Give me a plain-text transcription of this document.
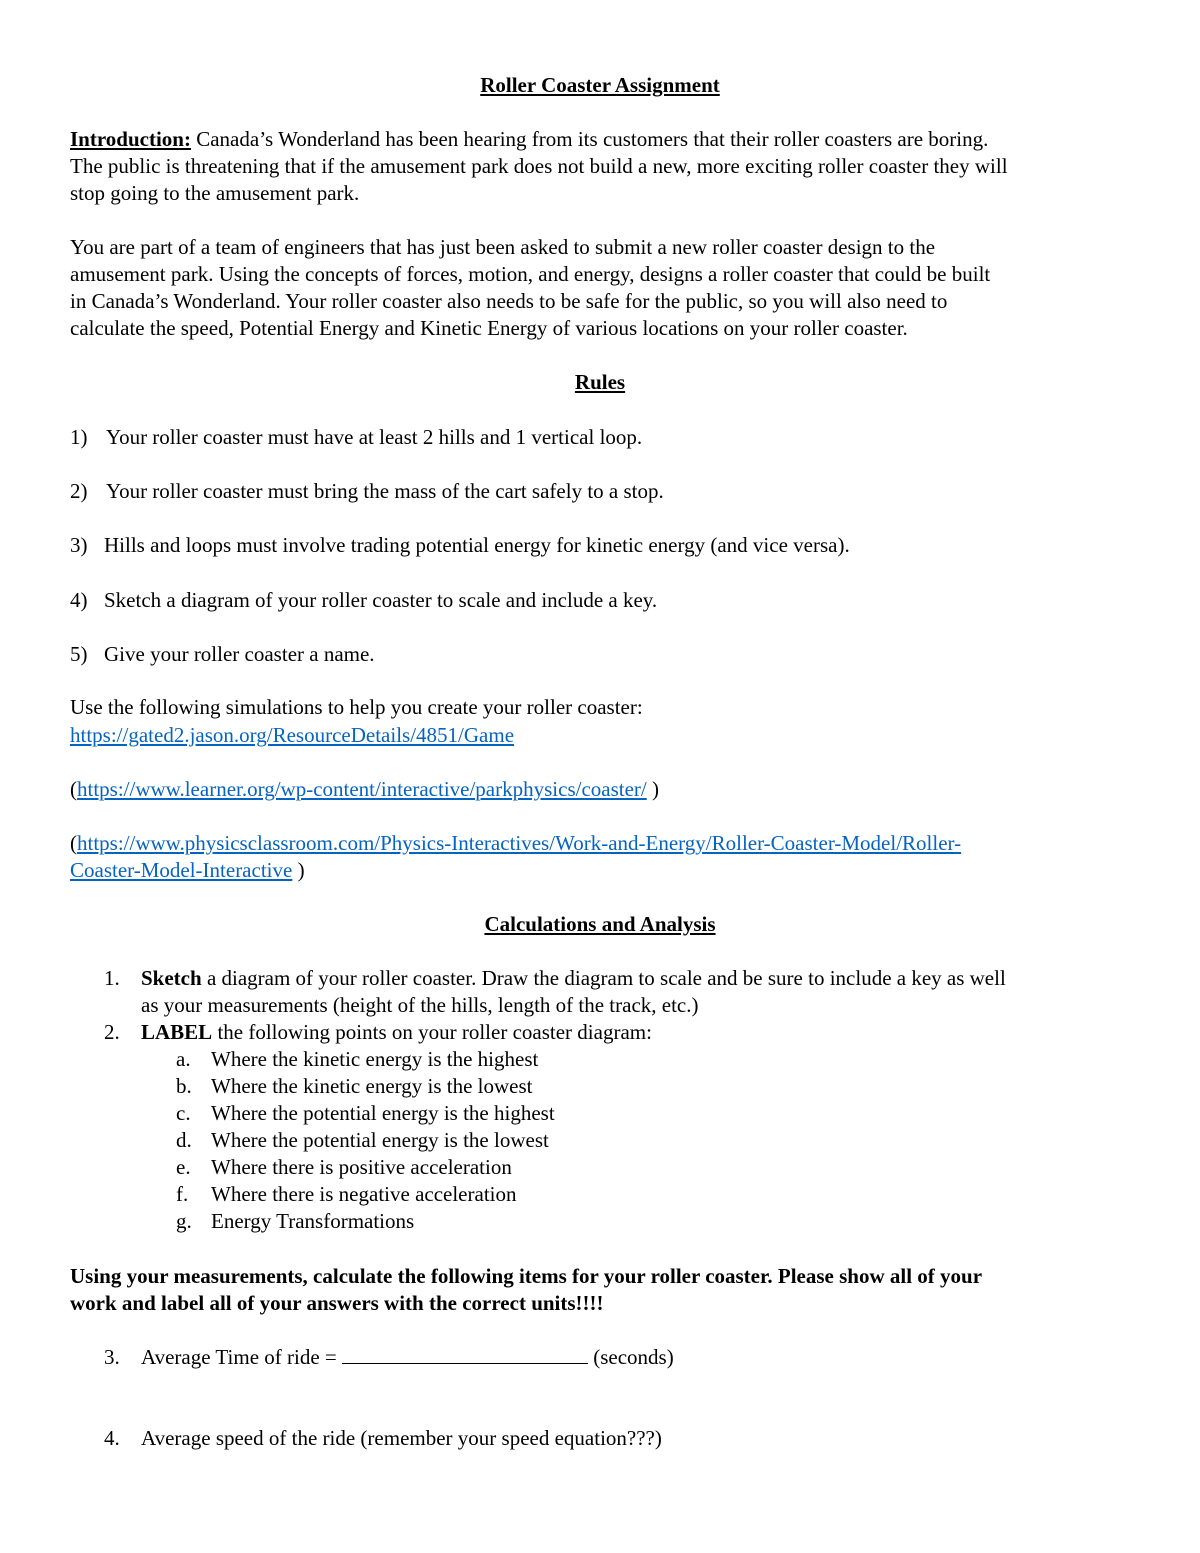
Roller Coaster Assignment
Introduction: Canada’s Wonderland has been hearing from its customers that their roller coasters are boring.
The public is threatening that if the amusement park does not build a new, more exciting roller coaster they will
stop going to the amusement park.
You are part of a team of engineers that has just been asked to submit a new roller coaster design to the
amusement park. Using the concepts of forces, motion, and energy, designs a roller coaster that could be built
in Canada’s Wonderland. Your roller coaster also needs to be safe for the public, so you will also need to
calculate the speed, Potential Energy and Kinetic Energy of various locations on your roller coaster.
Rules
1) Your roller coaster must have at least 2 hills and 1 vertical loop.
2) Your roller coaster must bring the mass of the cart safely to a stop.
3) Hills and loops must involve trading potential energy for kinetic energy (and vice versa).
4) Sketch a diagram of your roller coaster to scale and include a key.
5) Give your roller coaster a name.
Use the following simulations to help you create your roller coaster:
https://gated2.jason.org/ResourceDetails/4851/Game
(https://www.learner.org/wp-content/interactive/parkphysics/coaster/ )
(https://www.physicsclassroom.com/Physics-Interactives/Work-and-Energy/Roller-Coaster-Model/Roller-
Coaster-Model-Interactive )
Calculations and Analysis
1. Sketch a diagram of your roller coaster. Draw the diagram to scale and be sure to include a key as well
as your measurements (height of the hills, length of the track, etc.)
2. LABEL the following points on your roller coaster diagram:
a. Where the kinetic energy is the highest
b. Where the kinetic energy is the lowest
c. Where the potential energy is the highest
d. Where the potential energy is the lowest
e. Where there is positive acceleration
f. Where there is negative acceleration
g. Energy Transformations
Using your measurements, calculate the following items for your roller coaster. Please show all of your
work and label all of your answers with the correct units!!!!
3. Average Time of ride =	(seconds)
4. Average speed of the ride (remember your speed equation???)
